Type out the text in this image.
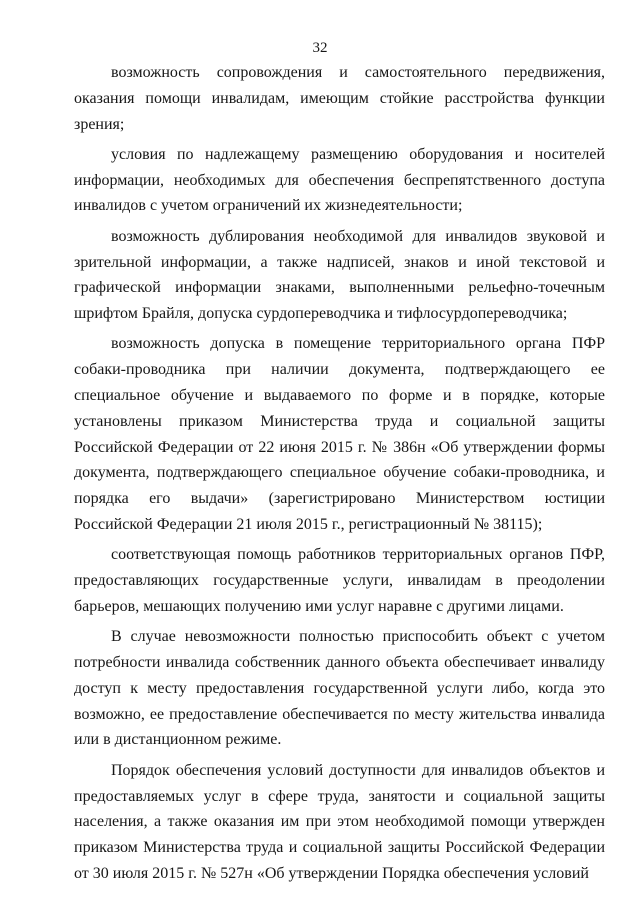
32

возможность сопровождения и самостоятельного передвижения, оказания помощи инвалидам, имеющим стойкие расстройства функции зрения;

условия по надлежащему размещению оборудования и носителей информации, необходимых для обеспечения беспрепятственного доступа инвалидов с учетом ограничений их жизнедеятельности;

возможность дублирования необходимой для инвалидов звуковой и зрительной информации, а также надписей, знаков и иной текстовой и графической информации знаками, выполненными рельефно-точечным шрифтом Брайля, допуска сурдопереводчика и тифлосурдопереводчика;

возможность допуска в помещение территориального органа ПФР собаки-проводника при наличии документа, подтверждающего ее специальное обучение и выдаваемого по форме и в порядке, которые установлены приказом Министерства труда и социальной защиты Российской Федерации от 22 июня 2015 г. № 386н «Об утверждении формы документа, подтверждающего специальное обучение собаки-проводника, и порядка его выдачи» (зарегистрировано Министерством юстиции Российской Федерации 21 июля 2015 г., регистрационный № 38115);

соответствующая помощь работников территориальных органов ПФР, предоставляющих государственные услуги, инвалидам в преодолении барьеров, мешающих получению ими услуг наравне с другими лицами.

В случае невозможности полностью приспособить объект с учетом потребности инвалида собственник данного объекта обеспечивает инвалиду доступ к месту предоставления государственной услуги либо, когда это возможно, ее предоставление обеспечивается по месту жительства инвалида или в дистанционном режиме.

Порядок обеспечения условий доступности для инвалидов объектов и предоставляемых услуг в сфере труда, занятости и социальной защиты населения, а также оказания им при этом необходимой помощи утвержден приказом Министерства труда и социальной защиты Российской Федерации от 30 июля 2015 г. № 527н «Об утверждении Порядка обеспечения условий
